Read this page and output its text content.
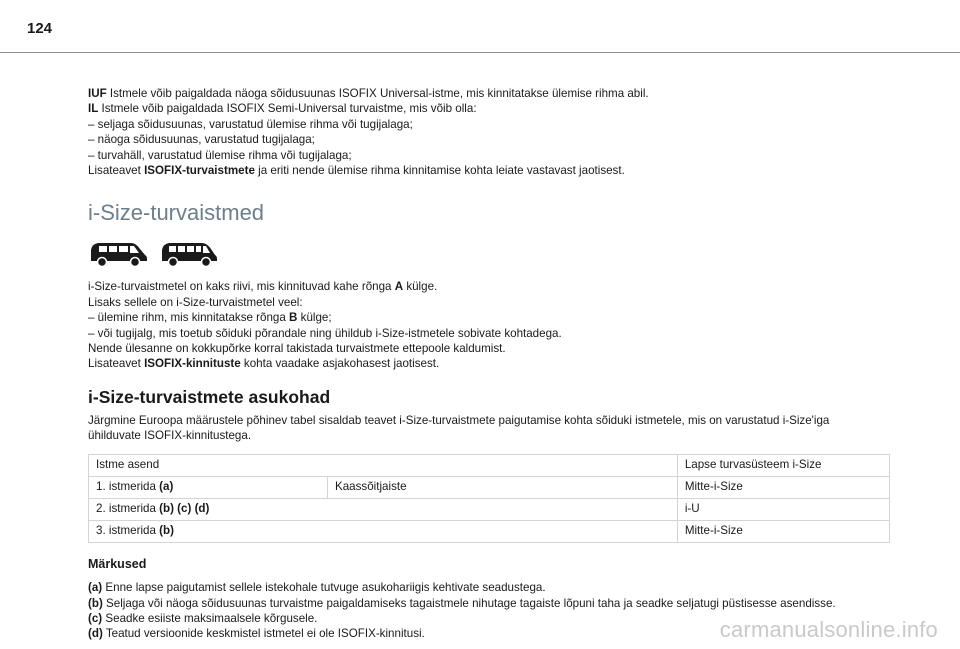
124

IUF Istmele võib paigaldada näoga sõidusuunas ISOFIX Universal-istme, mis kinnitatakse ülemise rihma abil.

IL Istmele võib paigaldada ISOFIX Semi-Universal turvaistme, mis võib olla:

– seljaga sõidusuunas, varustatud ülemise rihma või tugijalaga;

– näoga sõidusuunas, varustatud tugijalaga;

– turvahäll, varustatud ülemise rihma või tugijalaga;

Lisateavet ISOFIX-turvaistmete ja eriti nende ülemise rihma kinnitamise kohta leiate vastavast jaotisest.

i-Size-turvaistmed

i-Size-turvaistmetel on kaks riivi, mis kinnituvad kahe rõnga A külge.

Lisaks sellele on i-Size-turvaistmetel veel:

– ülemine rihm, mis kinnitatakse rõnga B külge;

– või tugijalg, mis toetub sõiduki põrandale ning ühildub i-Size-istmetele sobivate kohtadega.

Nende ülesanne on kokkupõrke korral takistada turvaistmete ettepoole kaldumist.

Lisateavet ISOFIX-kinnituste kohta vaadake asjakohasest jaotisest.

i-Size-turvaistmete asukohad

Järgmine Euroopa määrustele põhinev tabel sisaldab teavet i-Size-turvaistmete paigutamise kohta sõiduki istmetele, mis on varustatud i-Size'iga

ühilduvate ISOFIX-kinnitustega.

Istme asend		Lapse turvasüsteem i-Size
1. istmerida (a)	Kaassõitjaiste	Mitte-i-Size
2. istmerida (b) (c) (d)		i-U
3. istmerida (b)		Mitte-i-Size
Märkused

(a) Enne lapse paigutamist sellele istekohale tutvuge asukohariigis kehtivate seadustega.

(b) Seljaga või näoga sõidusuunas turvaistme paigaldamiseks tagaistmele nihutage tagaiste lõpuni taha ja seadke seljatugi püstisesse asendisse.

(c) Seadke esiiste maksimaalsele kõrgusele.

(d) Teatud versioonide keskmistel istmetel ei ole ISOFIX-kinnitusi.	carmanualsonline.info
